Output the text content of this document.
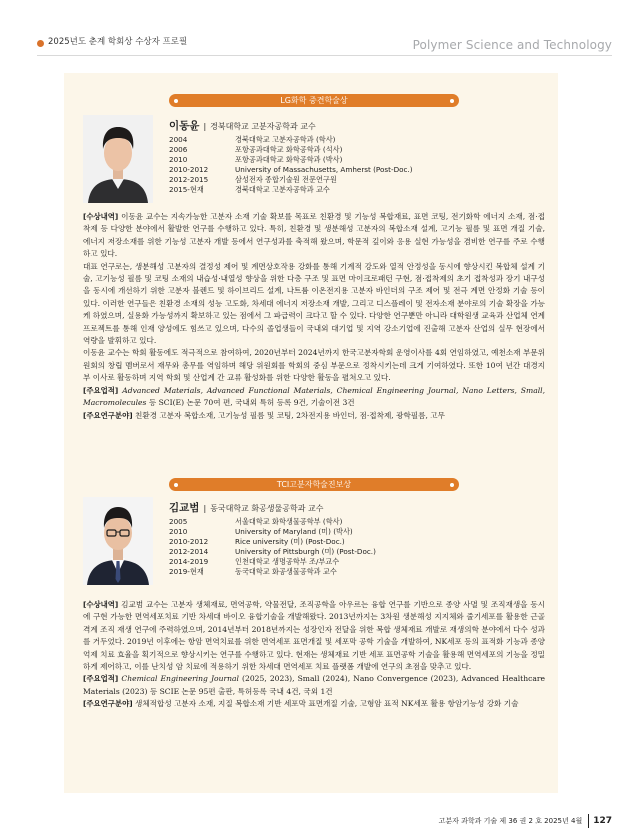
2025년도 춘계 학회상 수상자 프로필	Polymer Science and Technology
LG화학 중견학술상
이동윤 | 경북대학교 고분자공학과 교수
2004	경북대학교 고분자공학과 (학사)
2006	포항공과대학교 화학공학과 (석사)
2010	포항공과대학교 화학공학과 (박사)
2010-2012	University of Massachusetts, Amherst (Post-Doc.)
2012-2015	삼성전자 종합기술원 전문연구원
2015-현재	경북대학교 고분자공학과 교수

[수상내역] 이동윤 교수는 지속가능한 고분자 소재 기술 확보를 목표로 친환경 및 기능성 복합재료, 표면 코팅, 전기화학 에너지 소재, 점·접착제 등 다양한 분야에서 활발한 연구를 수행하고 있다. 특히, 친환경 및 생분해성 고분자의 복합소재 설계, 고기능 필름 및 표면 개질 기술, 에너지 저장소재를 위한 기능성 고분자 개발 등에서 연구성과를 축적해 왔으며, 학문적 깊이와 응용 실현 가능성을 겸비한 연구를 주로 수행하고 있다.

대표 연구로는, 생분해성 고분자의 결정성 제어 및 계면상호작용 강화를 통해 기계적 강도와 열적 안정성을 동시에 향상시킨 복합체 설계 기술, 고기능성 필름 및 코팅 소재의 내습성·내열성 향상을 위한 다층 구조 및 표면 마이크로패턴 구현, 점·접착제의 초기 접착성과 장기 내구성을 동시에 개선하기 위한 고분자 블렌드 및 하이브리드 설계, 나트륨 이온전지용 고분자 바인더의 구조 제어 및 전극 계면 안정화 기술 등이 있다. 이러한 연구들은 친환경 소재의 성능 고도화, 차세대 에너지 저장소재 개발, 그리고 디스플레이 및 전자소재 분야로의 기술 확장을 가능케 하였으며, 실용화 가능성까지 확보하고 있는 점에서 그 파급력이 크다고 할 수 있다. 다양한 연구뿐만 아니라 대학원생 교육과 산업체 연계 프로젝트를 통해 인재 양성에도 힘쓰고 있으며, 다수의 졸업생들이 국내외 대기업 및 지역 강소기업에 진출해 고분자 산업의 실무 현장에서 역량을 발휘하고 있다.

이동윤 교수는 학회 활동에도 적극적으로 참여하여, 2020년부터 2024년까지 한국고분자학회 운영이사를 4회 연임하였고, 예천소재 부문위원회의 창립 멤버로서 재무와 총무를 역임하며 해당 위원회를 학회의 중심 부문으로 정착시키는데 크게 기여하였다. 또한 10여 년간 대경지부 이사로 활동하며 지역 학회 및 산업계 간 교류 활성화를 위한 다양한 활동을 펼쳐오고 있다.

[주요업적] Advanced Materials, Advanced Functional Materials, Chemical Engineering Journal, Nano Letters, Small, Macromolecules 등 SCI(E) 논문 70여 편, 국내외 특허 등록 9건, 기술이전 3건

[주요연구분야] 친환경 고분자 복합소재, 고기능성 필름 및 코팅, 2차전지용 바인더, 점·접착제, 광학필름, 고무

TCI고분자학술진보상
김교범 | 동국대학교 화공생물공학과 교수
2005	서울대학교 화학생물공학부 (학사)
2010	University of Maryland (미) (박사)
2010-2012	Rice university (미) (Post-Doc.)
2012-2014	University of Pittsburgh (미) (Post-Doc.)
2014-2019	인천대학교 생명공학부 조/부교수
2019-현재	동국대학교 화공생물공학과 교수

[수상내역] 김교범 교수는 고분자 생체재료, 면역공학, 약물전달, 조직공학을 아우르는 융합 연구를 기반으로 종양 사멸 및 조직재생을 동시에 구현 가능한 면역세포치료 기반 차세대 바이오 융합기술을 개발해왔다. 2013년까지는 3차원 생분해성 지지체와 줄기세포를 활용한 근골격계 조직 재생 연구에 주력하였으며, 2014년부터 2018년까지는 성장인자 전달을 위한 복합 생체재료 개발로 재생의학 분야에서 다수 성과를 거두었다. 2019년 이후에는 항암 면역치료를 위한 면역세포 표면개질 및 세포막 공학 기술을 개발하여, NK세포 등의 표적화 기능과 종양억제 치료 효율을 획기적으로 향상시키는 연구를 수행하고 있다. 현재는 생체재료 기반 세포 표면공학 기술을 활용해 면역세포의 기능을 정밀하게 제어하고, 이를 난치성 암 치료에 적용하기 위한 차세대 면역세포 치료 플랫폼 개발에 연구의 초점을 맞추고 있다.

[주요업적] Chemical Engineering Journal (2025, 2023), Small (2024), Nano Convergence (2023), Advanced Healthcare Materials (2023) 등 SCIE 논문 95편 출판, 특허등록 국내 4건, 국외 1건

[주요연구분야] 생체적합성 고분자 소재, 지질 복합소재 기반 세포막 표면개질 기술, 고형암 표적 NK세포 활용 항암기능성 강화 기술

고분자 과학과 기술 제 36 권 2 호 2025년 4월 127
